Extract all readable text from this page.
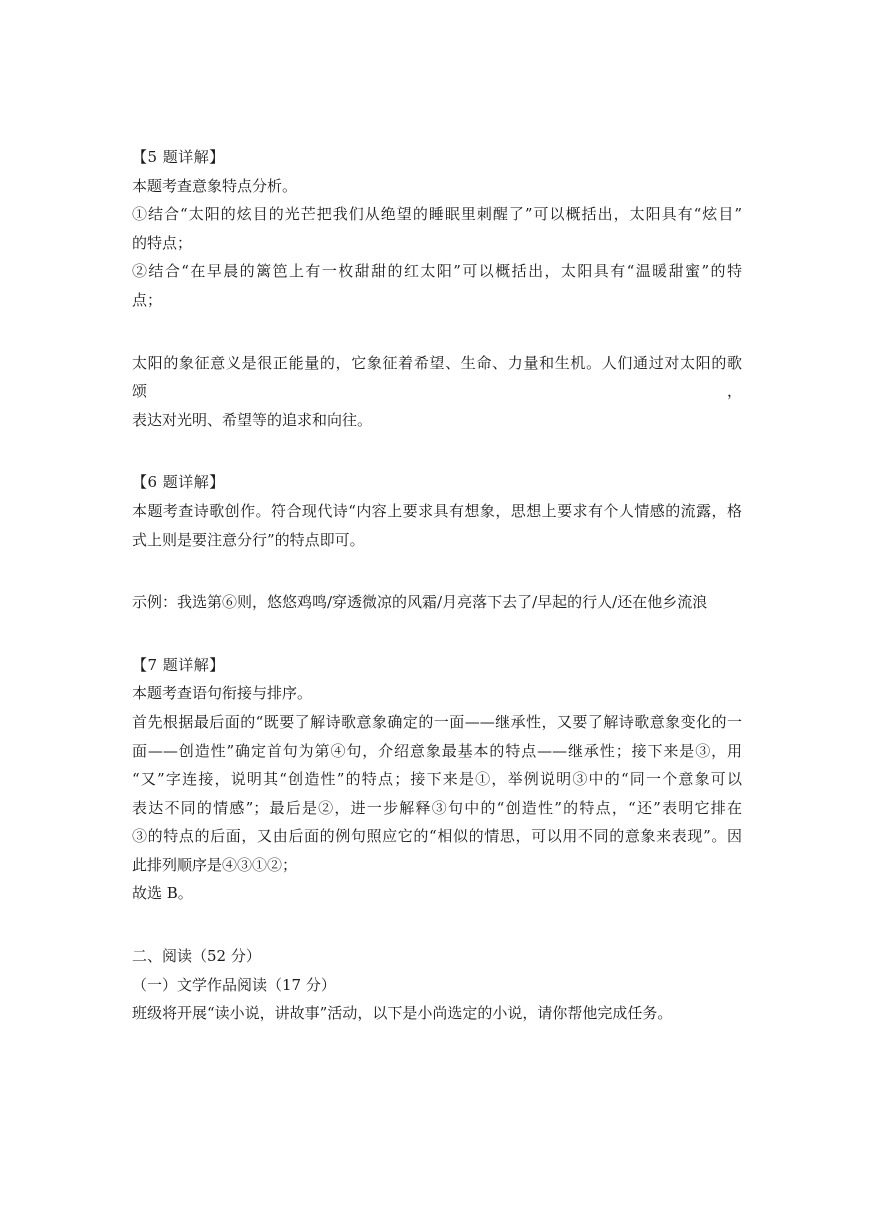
【5 题详解】
本题考查意象特点分析。
①结合“太阳的炫目的光芒把我们从绝望的睡眠里刺醒了”可以概括出，太阳具有“炫目”
的特点；
②结合“在早晨的篱笆上有一枚甜甜的红太阳”可以概括出，太阳具有“温暖甜蜜”的特
点；
太阳的象征意义是很正能量的，它象征着希望、生命、力量和生机。人们通过对太阳的歌颂，
表达对光明、希望等的追求和向往。
【6 题详解】
本题考查诗歌创作。符合现代诗“内容上要求具有想象，思想上要求有个人情感的流露，格
式上则是要注意分行”的特点即可。
示例：我选第⑥则，悠悠鸡鸣/穿透微凉的风霜/月亮落下去了/早起的行人/还在他乡流浪
【7 题详解】
本题考查语句衔接与排序。
首先根据最后面的“既要了解诗歌意象确定的一面——继承性，又要了解诗歌意象变化的一
面——创造性”确定首句为第④句，介绍意象最基本的特点——继承性；接下来是③，用
“又”字连接，说明其“创造性”的特点；接下来是①，举例说明③中的“同一个意象可以
表达不同的情感”；最后是②，进一步解释③句中的“创造性”的特点，“还”表明它排在
③的特点的后面，又由后面的例句照应它的“相似的情思，可以用不同的意象来表现”。因
此排列顺序是④③①②；
故选 B。
二、阅读（52 分）
（一）文学作品阅读（17 分）
班级将开展“读小说，讲故事”活动，以下是小尚选定的小说，请你帮他完成任务。
